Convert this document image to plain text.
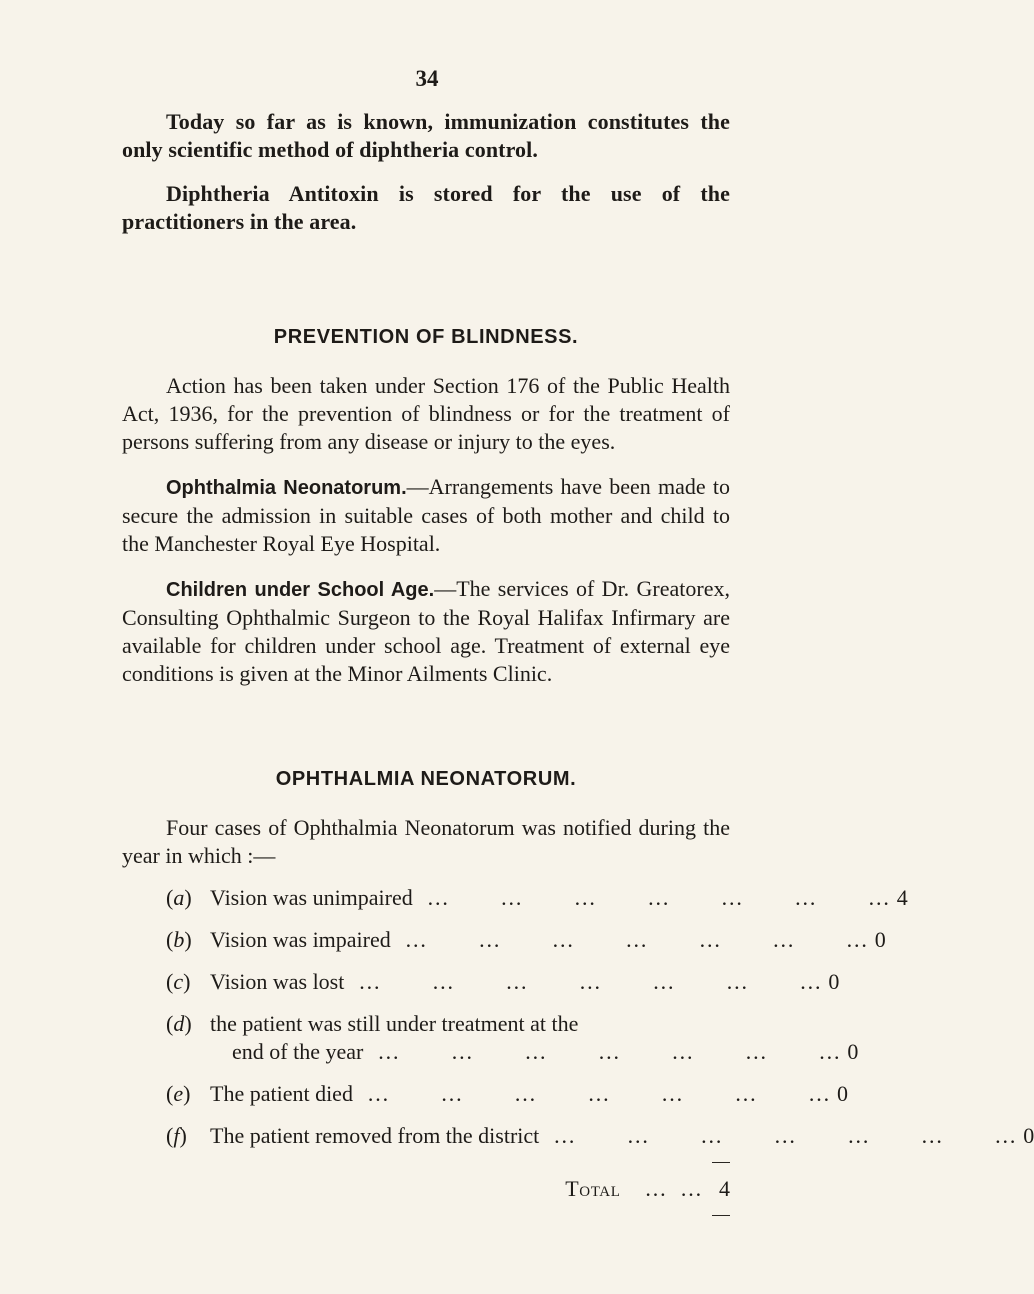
34

Today so far as is known, immunization constitutes the only scientific method of diphtheria control.

Diphtheria Antitoxin is stored for the use of the practitioners in the area.

PREVENTION OF BLINDNESS.

Action has been taken under Section 176 of the Public Health Act, 1936, for the prevention of blindness or for the treatment of persons suffering from any disease or injury to the eyes.

Ophthalmia Neonatorum.—Arrangements have been made to secure the admission in suitable cases of both mother and child to the Manchester Royal Eye Hospital.

Children under School Age.—The services of Dr. Greatorex, Consulting Ophthalmic Surgeon to the Royal Halifax Infirmary are available for children under school age. Treatment of external eye conditions is given at the Minor Ailments Clinic.

OPHTHALMIA NEONATORUM.

Four cases of Ophthalmia Neonatorum was notified during the year in which :—

(a) Vision was unimpaired …     …     …     …     …     …     …	4
(b) Vision was impaired …     …     …     …     …     …     …	0
(c) Vision was lost …     …     …     …     …     …     …	0
(d) the patient was still under treatment at the
end of the year …     …     …     …     …     …     …	0
(e) The patient died …     …     …     …     …     …     …	0
(f)	The patient removed from the district …     …     …     …     …     …     …	0
Total	… … 4
